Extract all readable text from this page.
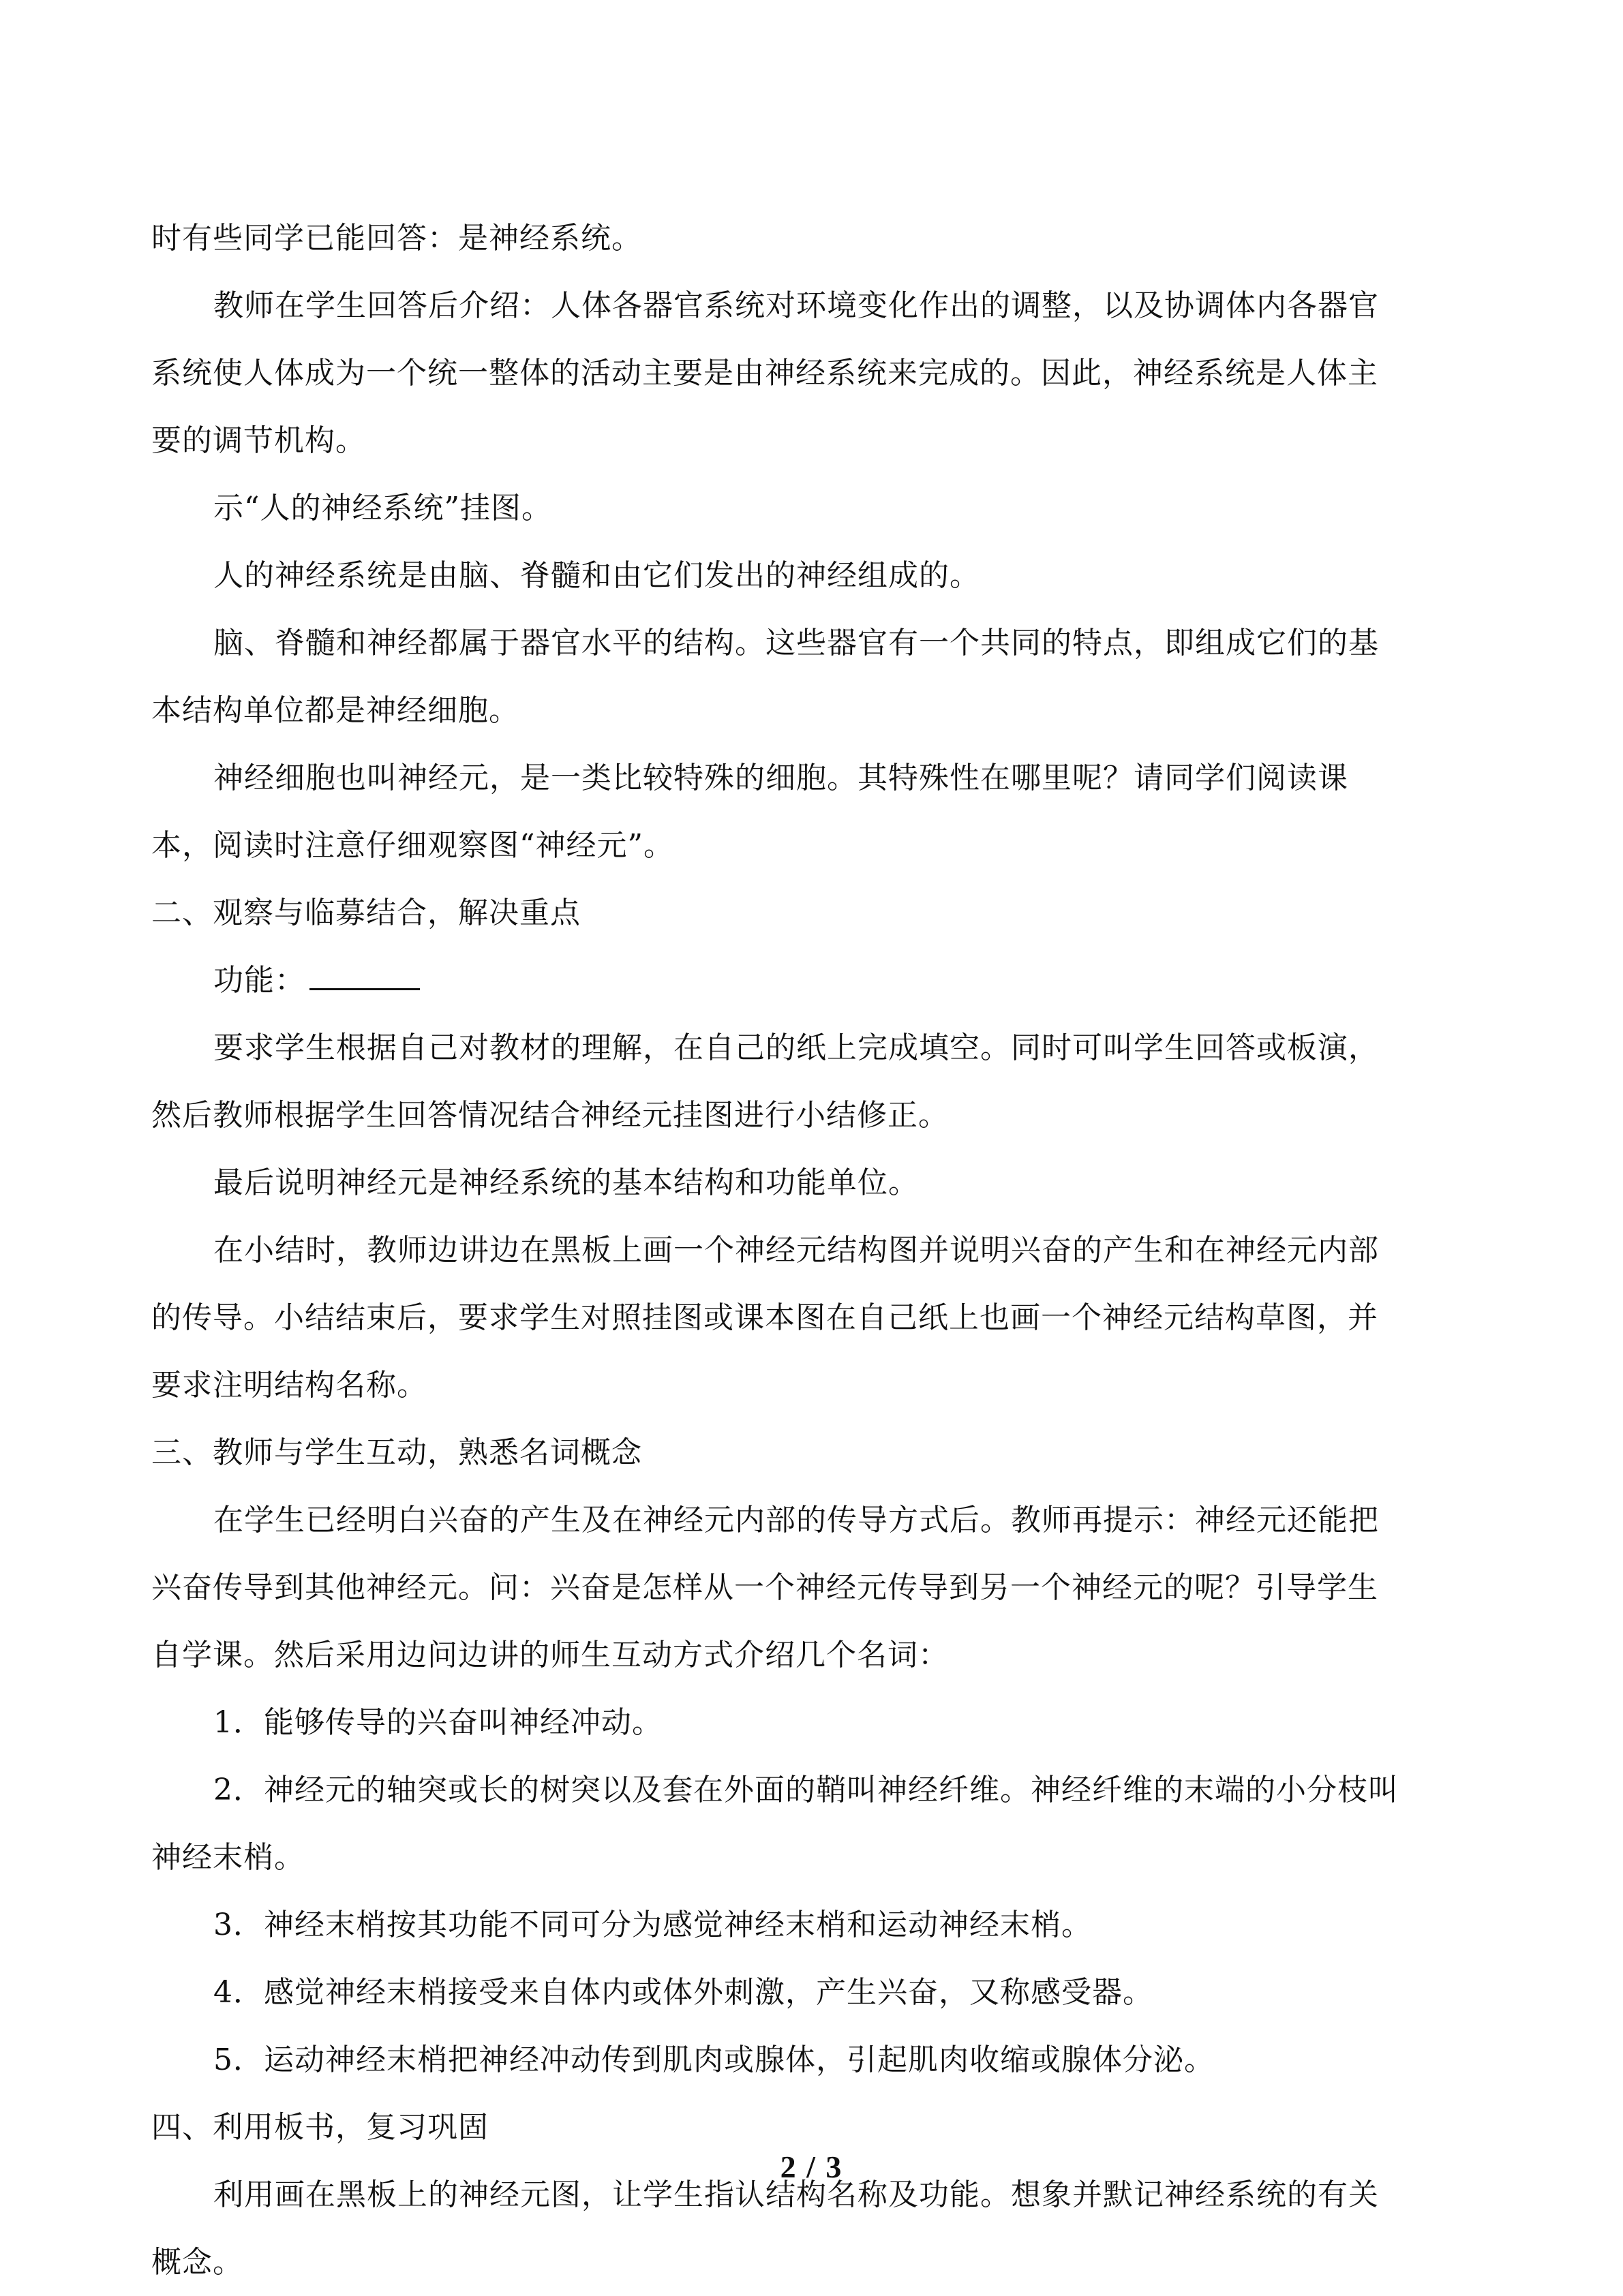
时有些同学已能回答：是神经系统。

教师在学生回答后介绍：人体各器官系统对环境变化作出的调整，以及协调体内各器官

系统使人体成为一个统一整体的活动主要是由神经系统来完成的。因此，神经系统是人体主

要的调节机构。

示“人的神经系统”挂图。

人的神经系统是由脑、脊髓和由它们发出的神经组成的。

脑、脊髓和神经都属于器官水平的结构。这些器官有一个共同的特点，即组成它们的基

本结构单位都是神经细胞。

神经细胞也叫神经元，是一类比较特殊的细胞。其特殊性在哪里呢？请同学们阅读课

本，阅读时注意仔细观察图“神经元”。

二、观察与临募结合，解决重点

功能：

要求学生根据自己对教材的理解，在自己的纸上完成填空。同时可叫学生回答或板演，

然后教师根据学生回答情况结合神经元挂图进行小结修正。

最后说明神经元是神经系统的基本结构和功能单位。

在小结时，教师边讲边在黑板上画一个神经元结构图并说明兴奋的产生和在神经元内部

的传导。小结结束后，要求学生对照挂图或课本图在自己纸上也画一个神经元结构草图，并

要求注明结构名称。

三、教师与学生互动，熟悉名词概念

在学生已经明白兴奋的产生及在神经元内部的传导方式后。教师再提示：神经元还能把

兴奋传导到其他神经元。问：兴奋是怎样从一个神经元传导到另一个神经元的呢？引导学生

自学课。然后采用边问边讲的师生互动方式介绍几个名词：

1．能够传导的兴奋叫神经冲动。

2．神经元的轴突或长的树突以及套在外面的鞘叫神经纤维。神经纤维的末端的小分枝叫

神经末梢。

3．神经末梢按其功能不同可分为感觉神经末梢和运动神经末梢。

4．感觉神经末梢接受来自体内或体外刺激，产生兴奋，又称感受器。

5．运动神经末梢把神经冲动传到肌肉或腺体，引起肌肉收缩或腺体分泌。

四、利用板书，复习巩固

利用画在黑板上的神经元图，让学生指认结构名称及功能。想象并默记神经系统的有关

概念。

2 / 3
